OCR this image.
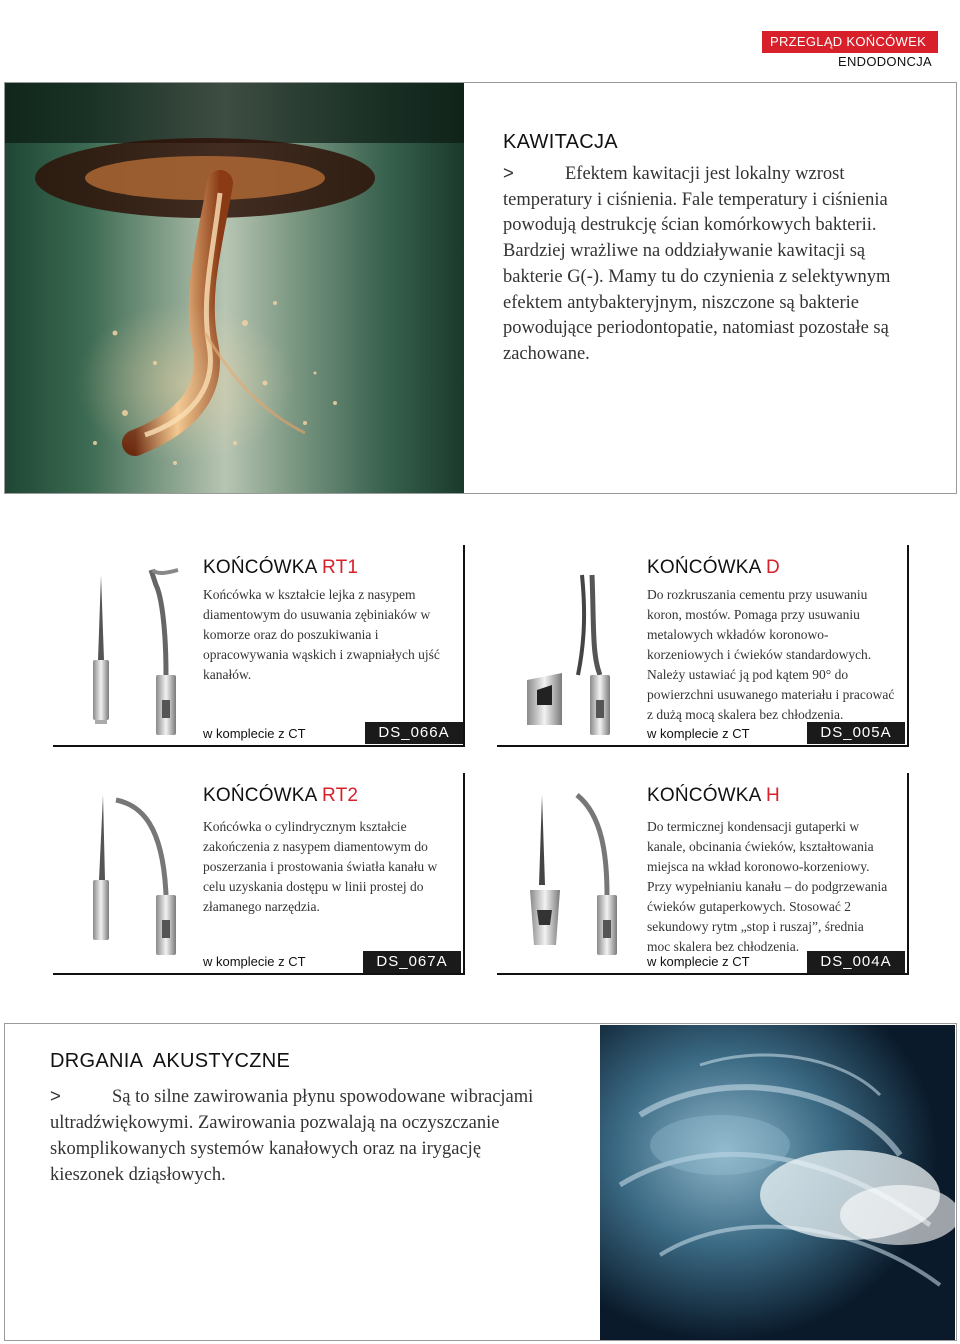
PRZEGLĄD KOŃCÓWEK
ENDODONCJA
KAWITACJA
>	Efektem kawitacji jest lokalny wzrost temperatury i ciśnienia. Fale temperatury i ciśnienia powodują destrukcję ścian komórkowych bakterii. Bardziej wrażliwe na oddziaływanie kawitacji są bakterie G(-). Mamy tu do czynienia z selektywnym efektem antybakteryjnym, niszczone są bakterie powodujące periodontopatie, natomiast pozostałe są zachowane.
KOŃCÓWKA RT1
Końcówka w kształcie lejka z nasypem diamentowym do usuwania zębiniaków w komorze oraz do poszukiwania i opracowywania wąskich i zwapniałych ujść kanałów.
w komplecie z CT	DS_066A
KOŃCÓWKA D
Do rozkruszania cementu przy usuwaniu koron, mostów. Pomaga przy usuwaniu metalowych wkładów koronowo-korzeniowych i ćwieków standardowych. Należy ustawiać ją pod kątem 90° do powierzchni usuwanego materiału i pracować z dużą mocą skalera bez chłodzenia.
w komplecie z CT	DS_005A
KOŃCÓWKA RT2
Końcówka o cylindrycznym kształcie zakończenia z nasypem diamentowym do poszerzania i prostowania światła kanału w celu uzyskania dostępu w linii prostej do złamanego narzędzia.
w komplecie z CT	DS_067A
KOŃCÓWKA H
Do termicznej kondensacji gutaperki w kanale, obcinania ćwieków, kształtowania miejsca na wkład koronowo-korzeniowy. Przy wypełnianiu kanału – do podgrzewania ćwieków gutaperkowych. Stosować 2 sekundowy rytm „stop i ruszaj”, średnia moc skalera bez chłodzenia.
w komplecie z CT	DS_004A
DRGANIA  AKUSTYCZNE
>	Są to silne zawirowania płynu spowodowane wibracjami ultradźwiękowymi. Zawirowania pozwalają na oczyszczanie skomplikowanych systemów kanałowych oraz na irygację kieszonek dziąsłowych.
